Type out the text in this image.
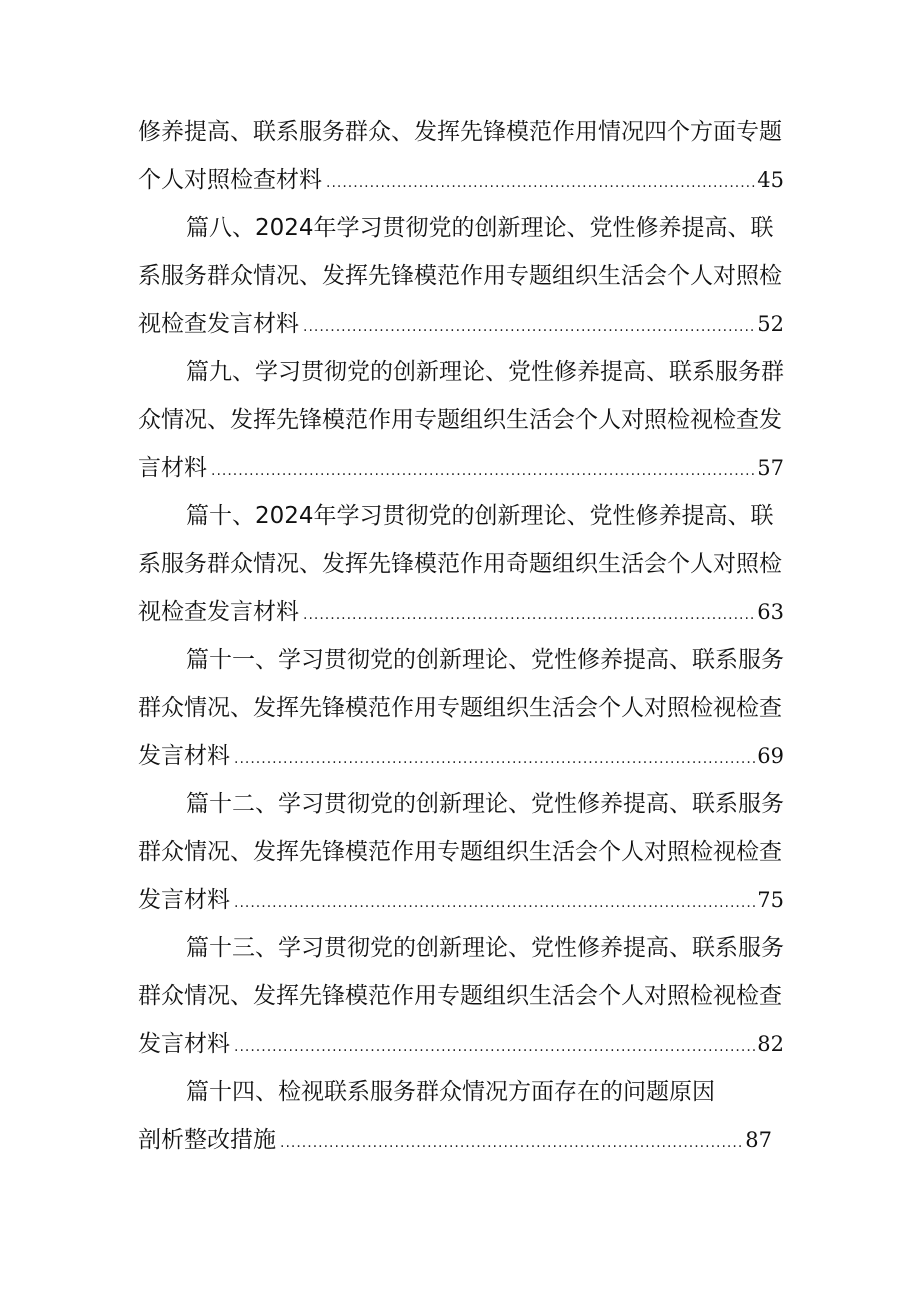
修养提高、联系服务群众、发挥先锋模范作用情况四个方面专题
个人对照检查材料 .....	45
篇八、2024年学习贯彻党的创新理论、党性修养提高、联
系服务群众情况、发挥先锋模范作用专题组织生活会个人对照检
视检查发言材料 .....	52
篇九、学习贯彻党的创新理论、党性修养提高、联系服务群
众情况、发挥先锋模范作用专题组织生活会个人对照检视检查发
言材料 .....	57
篇十、2024年学习贯彻党的创新理论、党性修养提高、联
系服务群众情况、发挥先锋模范作用奇题组织生活会个人对照检
视检查发言材料 .....	63
篇十一、学习贯彻党的创新理论、党性修养提高、联系服务
群众情况、发挥先锋模范作用专题组织生活会个人对照检视检查
发言材料 .....	69
篇十二、学习贯彻党的创新理论、党性修养提高、联系服务
群众情况、发挥先锋模范作用专题组织生活会个人对照检视检查
发言材料 .....	75
篇十三、学习贯彻党的创新理论、党性修养提高、联系服务
群众情况、发挥先锋模范作用专题组织生活会个人对照检视检查
发言材料 .....	82
篇十四、检视联系服务群众情况方面存在的问题原因
剖析整改措施 .....	87
